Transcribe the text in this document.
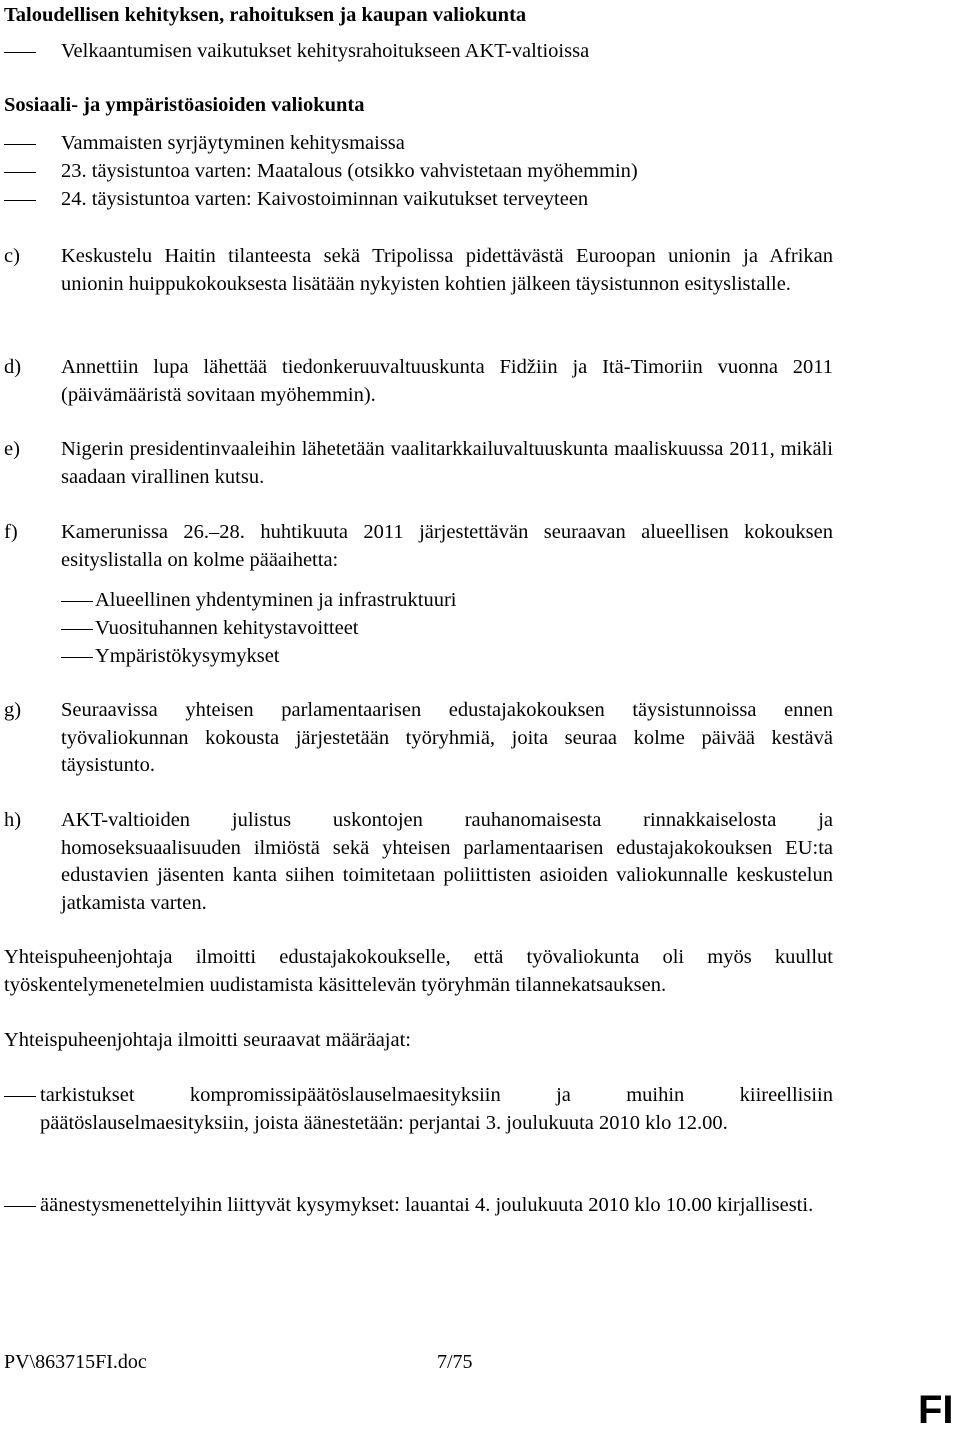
Taloudellisen kehityksen, rahoituksen ja kaupan valiokunta
Velkaantumisen vaikutukset kehitysrahoitukseen AKT-valtioissa
Sosiaali- ja ympäristöasioiden valiokunta
Vammaisten syrjäytyminen kehitysmaissa
23. täysistuntoa varten: Maatalous (otsikko vahvistetaan myöhemmin)
24. täysistuntoa varten: Kaivostoiminnan vaikutukset terveyteen
c) Keskustelu Haitin tilanteesta sekä Tripolissa pidettävästä Euroopan unionin ja Afrikan unionin huippukokouksesta lisätään nykyisten kohtien jälkeen täysistunnon esityslistalle.
d) Annettiin lupa lähettää tiedonkeruuvaltuuskunta Fidžiin ja Itä-Timoriin vuonna 2011 (päivämääristä sovitaan myöhemmin).
e) Nigerin presidentinvaaleihin lähetetään vaalitarkkailuvaltuuskunta maaliskuussa 2011, mikäli saadaan virallinen kutsu.
f) Kamerunissa 26.–28. huhtikuuta 2011 järjestettävän seuraavan alueellisen kokouksen esityslistalla on kolme pääaihetta:
Alueellinen yhdentyminen ja infrastruktuuri
Vuosituhannen kehitystavoitteet
Ympäristökysymykset
g) Seuraavissa yhteisen parlamentaarisen edustajakokouksen täysistunnoissa ennen työvaliokunnan kokousta järjestetään työryhmiä, joita seuraa kolme päivää kestävä täysistunto.
h) AKT-valtioiden julistus uskontojen rauhanomaisesta rinnakkaiselosta ja homoseksuaalisuuden ilmiöstä sekä yhteisen parlamentaarisen edustajakokouksen EU:ta edustavien jäsenten kanta siihen toimitetaan poliittisten asioiden valiokunnalle keskustelun jatkamista varten.
Yhteispuheenjohtaja ilmoitti edustajakokoukselle, että työvaliokunta oli myös kuullut työskentelymenetelmien uudistamista käsittelevän työryhmän tilannekatsauksen.
Yhteispuheenjohtaja ilmoitti seuraavat määräajat:
tarkistukset kompromissipäätöslauselmaesityksiin ja muihin kiireellisiin päätöslauselmaesityksiin, joista äänestetään: perjantai 3. joulukuuta 2010 klo 12.00.
äänestysmenettelyihin liittyvät kysymykset: lauantai 4. joulukuuta 2010 klo 10.00 kirjallisesti.
PV\863715FI.doc	7/75
FI
